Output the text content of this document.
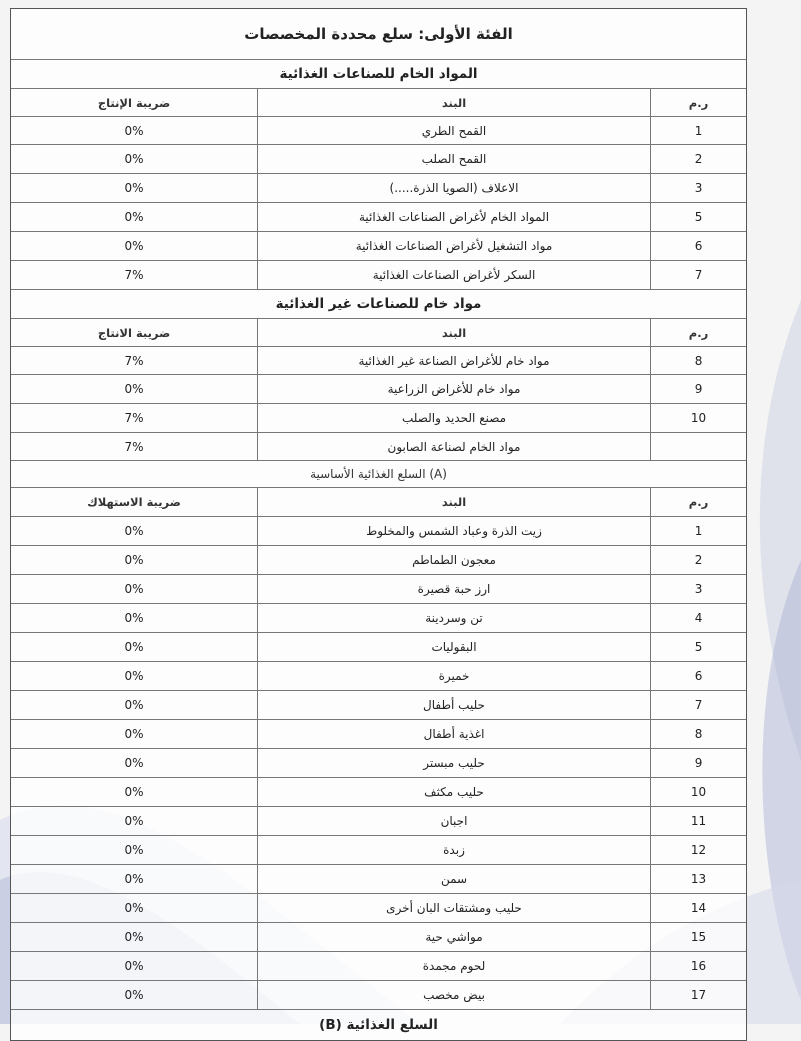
الفئة الأولى: سلع محددة المخصصات
المواد الخام للصناعات الغذائية
ر.م
البند
ضريبة الإنتاج
1
القمح الطري
0%
2
القمح الصلب
0%
3
الاعلاف (الصويا الذرة.....)
0%
5
المواد الخام لأغراض الصناعات الغذائية
0%
6
مواد التشغيل لأغراض الصناعات الغذائية
0%
7
السكر لأغراض الصناعات الغذائية
7%
مواد خام للصناعات غير الغذائية
ر.م
البند
ضريبة الانتاج
8
مواد خام للأغراض الصناعة غير الغذائية
7%
9
مواد خام للأغراض الزراعية
0%
10
مصنع الحديد والصلب
7%
مواد الخام لصناعة الصابون
7%
(A) السلع الغذائية الأساسية
ر.م
البند
ضريبة الاستهلاك
1
زيت الذرة وعباد الشمس والمخلوط
0%
2
معجون الطماطم
0%
3
ارز حبة قصيرة
0%
4
تن وسردينة
0%
5
البقوليات
0%
6
خميرة
0%
7
حليب أطفال
0%
8
اغذية أطفال
0%
9
حليب مبستر
0%
10
حليب مكثف
0%
11
اجبان
0%
12
زبدة
0%
13
سمن
0%
14
حليب ومشتقات البان أخرى
0%
15
مواشي حية
0%
16
لحوم مجمدة
0%
17
بيض مخصب
0%
السلع الغذائية (B)
